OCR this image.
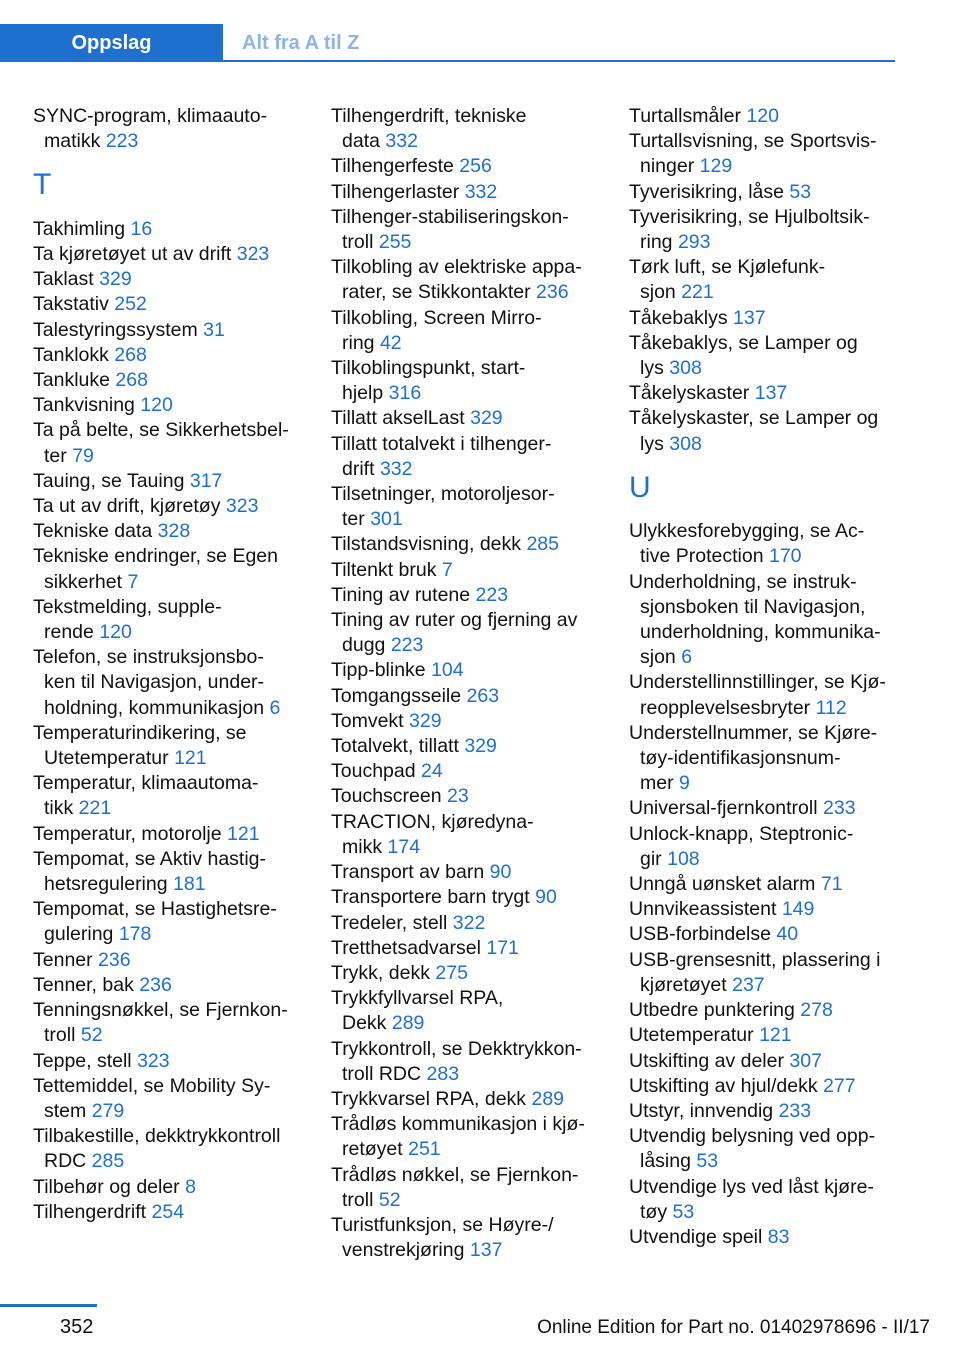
Oppslag	Alt fra A til Z
SYNC-program, klimaauto-
matikk 223
T
Takhimling 16
Ta kjøretøyet ut av drift 323
Taklast 329
Takstativ 252
Talestyringssystem 31
Tanklokk 268
Tankluke 268
Tankvisning 120
Ta på belte, se Sikkerhetsbel-
ter 79
Tauing, se Tauing 317
Ta ut av drift, kjøretøy 323
Tekniske data 328
Tekniske endringer, se Egen
sikkerhet 7
Tekstmelding, supple-
rende 120
Telefon, se instruksjonsbo-
ken til Navigasjon, under-
holdning, kommunikasjon 6
Temperaturindikering, se
Utetemperatur 121
Temperatur, klimaautoma-
tikk 221
Temperatur, motorolje 121
Tempomat, se Aktiv hastig-
hetsregulering 181
Tempomat, se Hastighetsre-
gulering 178
Tenner 236
Tenner, bak 236
Tenningsnøkkel, se Fjernkon-
troll 52
Teppe, stell 323
Tettemiddel, se Mobility Sy-
stem 279
Tilbakestille, dekktrykkontroll
RDC 285
Tilbehør og deler 8
Tilhengerdrift 254
Tilhengerdrift, tekniske
data 332
Tilhengerfeste 256
Tilhengerlaster 332
Tilhenger-stabiliseringskon-
troll 255
Tilkobling av elektriske appa-
rater, se Stikkontakter 236
Tilkobling, Screen Mirro-
ring 42
Tilkoblingspunkt, start-
hjelp 316
Tillatt akselLast 329
Tillatt totalvekt i tilhenger-
drift 332
Tilsetninger, motoroljesor-
ter 301
Tilstandsvisning, dekk 285
Tiltenkt bruk 7
Tining av rutene 223
Tining av ruter og fjerning av
dugg 223
Tipp-blinke 104
Tomgangsseile 263
Tomvekt 329
Totalvekt, tillatt 329
Touchpad 24
Touchscreen 23
TRACTION, kjøredyna-
mikk 174
Transport av barn 90
Transportere barn trygt 90
Tredeler, stell 322
Tretthetsadvarsel 171
Trykk, dekk 275
Trykkfyllvarsel RPA,
Dekk 289
Trykkontroll, se Dekktrykkon-
troll RDC 283
Trykkvarsel RPA, dekk 289
Trådløs kommunikasjon i kjø-
retøyet 251
Trådløs nøkkel, se Fjernkon-
troll 52
Turistfunksjon, se Høyre-/
venstrekjøring 137
Turtallsmåler 120
Turtallsvisning, se Sportsvis-
ninger 129
Tyverisikring, låse 53
Tyverisikring, se Hjulboltsik-
ring 293
Tørk luft, se Kjølefunk-
sjon 221
Tåkebaklys 137
Tåkebaklys, se Lamper og
lys 308
Tåkelyskaster 137
Tåkelyskaster, se Lamper og
lys 308
U
Ulykkesforebygging, se Ac-
tive Protection 170
Underholdning, se instruk-
sjonsboken til Navigasjon,
underholdning, kommunika-
sjon 6
Understellinnstillinger, se Kjø-
reopplevelsesbryter 112
Understellnummer, se Kjøre-
tøy-identifikasjonsnum-
mer 9
Universal-fjernkontroll 233
Unlock-knapp, Steptronic-
gir 108
Unngå uønsket alarm 71
Unnvikeassistent 149
USB-forbindelse 40
USB-grensesnitt, plassering i
kjøretøyet 237
Utbedre punktering 278
Utetemperatur 121
Utskifting av deler 307
Utskifting av hjul/dekk 277
Utstyr, innvendig 233
Utvendig belysning ved opp-
låsing 53
Utvendige lys ved låst kjøre-
tøy 53
Utvendige speil 83
352	Online Edition for Part no. 01402978696 - II/17
